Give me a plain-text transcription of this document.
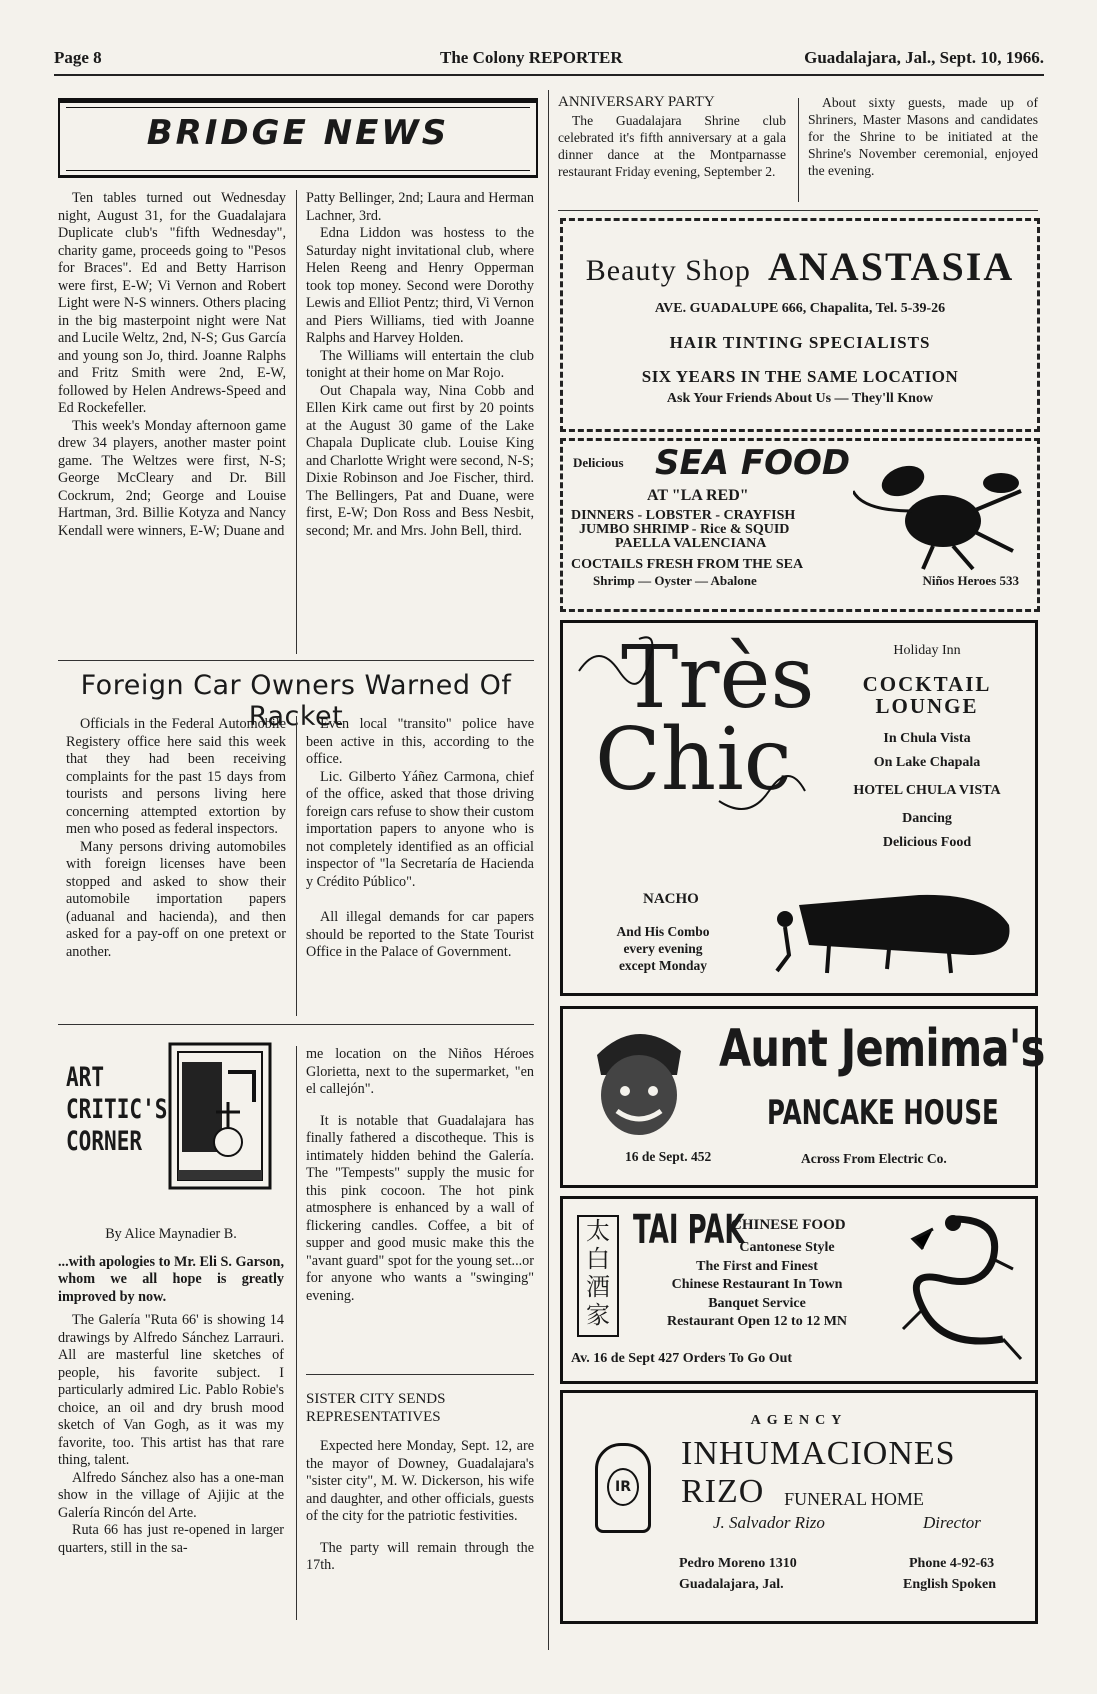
Page 8	The Colony REPORTER	Guadalajara, Jal., Sept. 10, 1966.
BRIDGE NEWS

Ten tables turned out Wednesday night, August 31, for the Guadalajara Duplicate club's "fifth Wednesday", charity game, proceeds going to "Pesos for Braces". Ed and Betty Harrison were first, E-W; Vi Vernon and Robert Light were N-S winners. Others placing in the big masterpoint night were Nat and Lucile Weltz, 2nd, N-S; Gus García and young son Jo, third. Joanne Ralphs and Fritz Smith were 2nd, E-W, followed by Helen Andrews-Speed and Ed Rockefeller.

This week's Monday afternoon game drew 34 players, another master point game. The Weltzes were first, N-S; George McCleary and Dr. Bill Cockrum, 2nd; George and Louise Hartman, 3rd. Billie Kotyza and Nancy Kendall were winners, E-W; Duane and

Patty Bellinger, 2nd; Laura and Herman Lachner, 3rd.

Edna Liddon was hostess to the Saturday night invitational club, where Helen Reeng and Henry Opperman took top money. Second were Dorothy Lewis and Elliot Pentz; third, Vi Vernon and Piers Williams, tied with Joanne Ralphs and Harvey Holden.

The Williams will entertain the club tonight at their home on Mar Rojo.

Out Chapala way, Nina Cobb and Ellen Kirk came out first by 20 points at the August 30 game of the Lake Chapala Duplicate club. Louise King and Charlotte Wright were second, N-S; Dixie Robinson and Joe Fischer, third. The Bellingers, Pat and Duane, were first, E-W; Don Ross and Bess Nesbit, second; Mr. and Mrs. John Bell, third.

Foreign Car Owners Warned Of Racket

Officials in the Federal Automobile Registery office here said this week that they had been receiving complaints for the past 15 days from tourists and persons living here concerning attempted extortion by men who posed as federal inspectors.

Many persons driving automobiles with foreign licenses have been stopped and asked to show their automobile importation papers (aduanal and hacienda), and then asked for a pay-off on one pretext or another.

Even local "transito" police have been active in this, according to the office.

Lic. Gilberto Yáñez Carmona, chief of the office, asked that those driving foreign cars refuse to show their custom importation papers to anyone who is not completely identified as an official inspector of "la Secretaría de Hacienda y Crédito Público".

All illegal demands for car papers should be reported to the State Tourist Office in the Palace of Government.

ART
CRITIC'S
CORNER

By Alice Maynadier B.

...with apologies to Mr. Eli S. Garson, whom we all hope is greatly improved by now.

The Galería "Ruta 66' is showing 14 drawings by Alfredo Sánchez Larrauri. All are masterful line sketches of people, his favorite subject. I particularly admired Lic. Pablo Robie's choice, an oil and dry brush mood sketch of Van Gogh, as it was my favorite, too. This artist has that rare thing, talent.

Alfredo Sánchez also has a one-man show in the village of Ajijic at the Galería Rincón del Arte.

Ruta 66 has just re-opened in larger quarters, still in the sa-

me location on the Niños Héroes Glorietta, next to the supermarket, "en el callejón".

It is notable that Guadalajara has finally fathered a discotheque. This is intimately hidden behind the Galería. The "Tempests" supply the music for this pink cocoon. The hot pink atmosphere is enhanced by a wall of flickering candles. Coffee, a bit of supper and good music make this the "avant guard" spot for the young set...or for anyone who wants a "swinging" evening.

SISTER CITY SENDS
REPRESENTATIVES

Expected here Monday, Sept. 12, are the mayor of Downey, Guadalajara's "sister city", M. W. Dickerson, his wife and daughter, and other officials, guests of the city for the patriotic festivities.

The party will remain through the 17th.

ANNIVERSARY PARTY

The Guadalajara Shrine club celebrated it's fifth anniversary at a gala dinner dance at the Montparnasse restaurant Friday evening, September 2.

About sixty guests, made up of Shriners, Master Masons and candidates for the Shrine to be initiated at the Shrine's November ceremonial, enjoyed the evening.

Beauty Shop ANASTASIA
AVE. GUADALUPE 666, Chapalita, Tel. 5-39-26
HAIR TINTING SPECIALISTS
SIX YEARS IN THE SAME LOCATION
Ask Your Friends About Us — They'll Know
Delicious SEA FOOD
AT "LA RED"
DINNERS - LOBSTER - CRAYFISH
JUMBO SHRIMP - Rice & SQUID
PAELLA VALENCIANA
COCTAILS FRESH FROM THE SEA
Shrimp — Oyster — Abalone	Niños Heroes 533
Très
Chic
Holiday Inn
COCKTAIL
LOUNGE
In Chula Vista
On Lake Chapala
HOTEL CHULA VISTA
Dancing
Delicious Food
NACHO
And His Combo
every evening
except Monday
Aunt Jemima's
PANCAKE HOUSE
16 de Sept. 452	Across From Electric Co.
太白酒家
TAI PAK
CHINESE FOOD
Cantonese Style
The First and Finest
Chinese Restaurant In Town
Banquet Service
Restaurant Open 12 to 12 MN
Av. 16 de Sept 427 Orders To Go Out
AGENCY
INHUMACIONES RIZO	FUNERAL HOME
J. Salvador Rizo	Director
Pedro Moreno 1310
Guadalajara, Jal.
Phone 4-92-63
English Spoken
IR
